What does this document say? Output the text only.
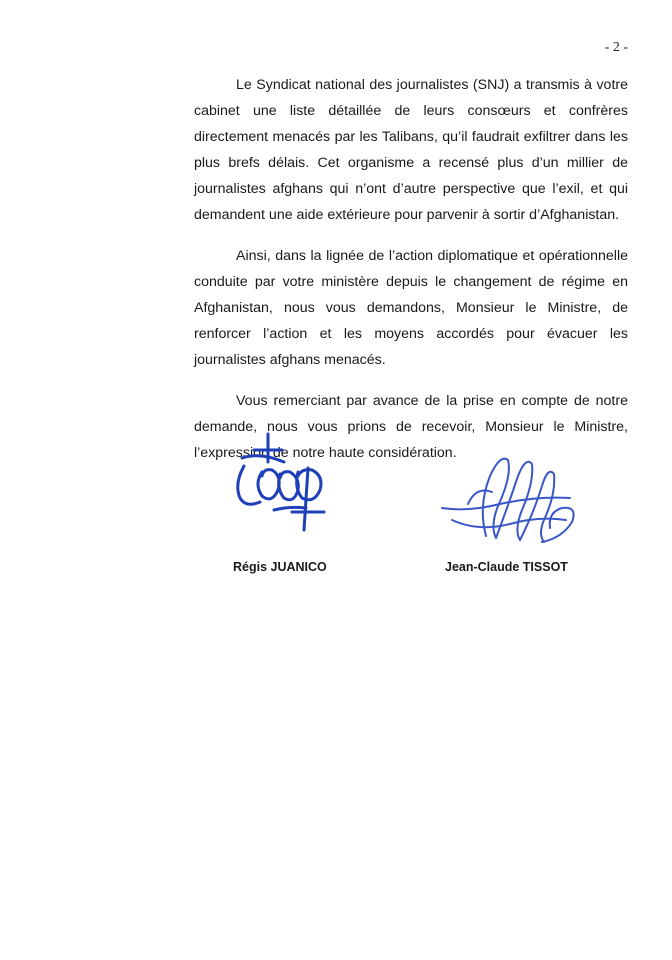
- 2 -

Le Syndicat national des journalistes (SNJ) a transmis à votre cabinet une liste détaillée de leurs consœurs et confrères directement menacés par les Talibans, qu’il faudrait exfiltrer dans les plus brefs délais. Cet organisme a recensé plus d’un millier de journalistes afghans qui n’ont d’autre perspective que l’exil, et qui demandent une aide extérieure pour parvenir à sortir d’Afghanistan.

Ainsi, dans la lignée de l’action diplomatique et opérationnelle conduite par votre ministère depuis le changement de régime en Afghanistan, nous vous demandons, Monsieur le Ministre, de renforcer l’action et les moyens accordés pour évacuer les journalistes afghans menacés.

Vous remerciant par avance de la prise en compte de notre demande, nous vous prions de recevoir, Monsieur le Ministre, l’expression de notre haute considération.

Régis JUANICO	Jean-Claude TISSOT
